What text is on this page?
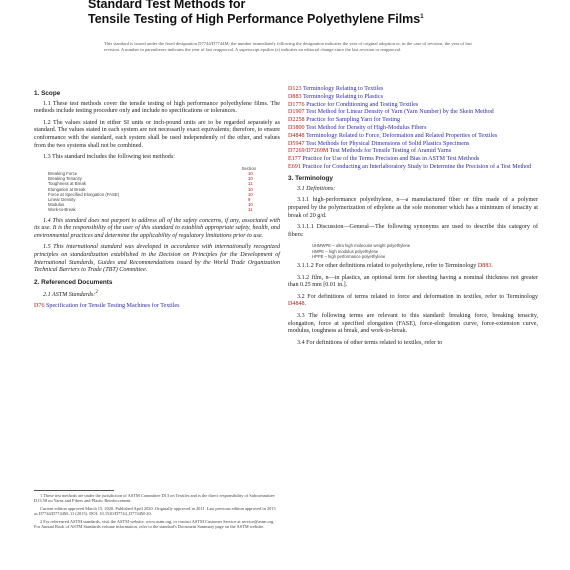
Standard Test Methods for
Tensile Testing of High Performance Polyethylene Films$^1$
This standard is issued under the fixed designation D7744/D7744M; the number immediately following the designation indicates the year of original adoption or, in the case of revision, the year of last revision. A number in parentheses indicates the year of last reapproval. A superscript epsilon (ε) indicates an editorial change since the last revision or reapproval.
1. Scope

1.1 These test methods cover the tensile testing of high performance polyethylene films. The methods include testing procedure only and include no specifications or tolerances.

1.2 The values stated in either SI units or inch-pound units are to be regarded separately as standard. The values stated in each system are not necessarily exact equivalents; therefore, to ensure conformance with the standard, each system shall be used independently of the other, and values from the two systems shall not be combined.

1.3 This standard includes the following test methods:

Section
Breaking Force	10
Breaking Tenacity	10
Toughness at Break	11
Elongation at Break	10
Force at Specified Elongation (FASE)	10
Linear Density	9
Modulus	10
Work-to-Break	11

1.4 This standard does not purport to address all of the safety concerns, if any, associated with its use. It is the responsibility of the user of this standard to establish appropriate safety, health, and environmental practices and determine the applicability of regulatory limitations prior to use.

1.5 This international standard was developed in accordance with internationally recognized principles on standardization established in the Decision on Principles for the Development of International Standards, Guides and Recommendations issued by the World Trade Organization Technical Barriers to Trade (TBT) Committee.

2. Referenced Documents
2.1 ASTM Standards:$^2$
D76 Specification for Tensile Testing Machines for Textiles
1 These test methods are under the jurisdiction of ASTM Committee D13 on Textiles and is the direct responsibility of Subcommittee D13.58 on Yarns and Fibers and Plastic Reinforcement.
Current edition approved March 15, 2020. Published April 2020. Originally approved in 2011. Last previous edition approved in 2015 as D7744/D7744M–11 (2015). DOI: 10.1520/D7744_D7744M-20.
2 For referenced ASTM standards, visit the ASTM website, www.astm.org, or contact ASTM Customer Service at service@astm.org. For Annual Book of ASTM Standards volume information, refer to the standard's Document Summary page on the ASTM website.
D123 Terminology Relating to Textiles
D883 Terminology Relating to Plastics
D1776 Practice for Conditioning and Testing Textiles
D1907 Test Method for Linear Density of Yarn (Yarn Number) by the Skein Method
D2258 Practice for Sampling Yarn for Testing
D3800 Test Method for Density of High-Modulus Fibers
D4848 Terminology Related to Force, Deformation and Related Properties of Textiles
D5947 Test Methods for Physical Dimensions of Solid Plastics Specimens
D7269/D7269M Test Methods for Tensile Testing of Aramid Yarns
E177 Practice for Use of the Terms Precision and Bias in ASTM Test Methods
E691 Practice for Conducting an Interlaboratory Study to Determine the Precision of a Test Method
3. Terminology

3.1 Definitions:

3.1.1 high-performance polyethylene, n—a manufactured fiber or film made of a polymer prepared by the polymerization of ethylene as the sole monomer which has a minimum of tenacity at break of 20 g/d.

3.1.1.1 Discussion—General—The following synonyms are used to describe this category of fibers:

UHMWPE – ultra high molecular weight polyethylene
HMPE – high modulus polyethylene
HPPE – high performance polyethylene

3.1.1.2 For other definitions related to polyethylene, refer to Terminology D883.

3.1.2 film, n—in plastics, an optional term for sheeting having a nominal thickness not greater than 0.25 mm [0.01 in.].

3.2 For definitions of terms related to force and deformation in textiles, refer to Terminology D4848.

3.3 The following terms are relevant to this standard: breaking force, breaking tenacity, elongation, force at specified elongation (FASE), force-elongation curve, force-extension curve, modulus, toughness at break, and work-to-break.

3.4 For definitions of other terms related to textiles, refer to
